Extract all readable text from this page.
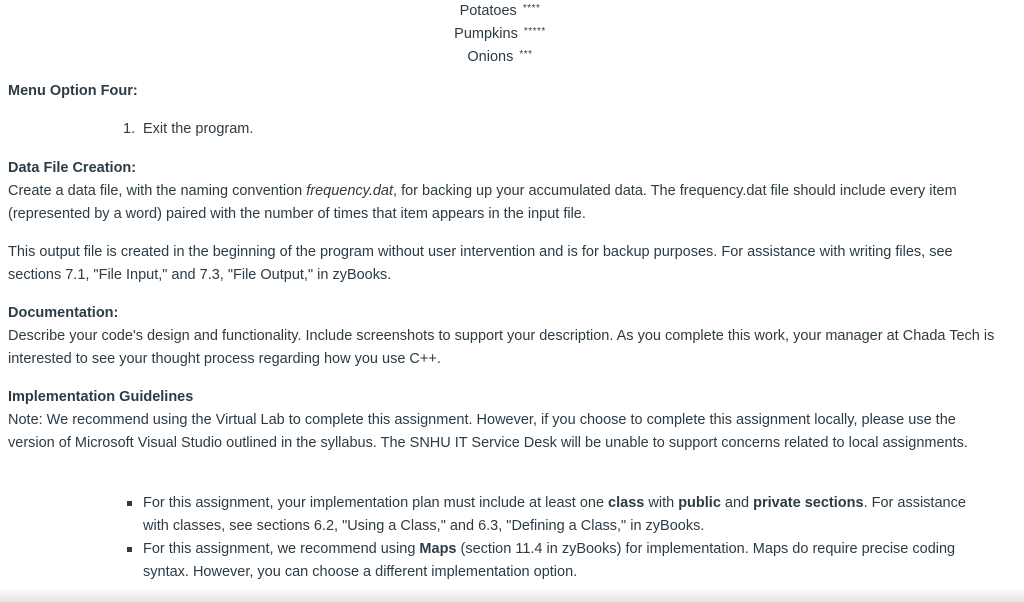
Potatoes ****
Pumpkins *****
Onions ***
Menu Option Four:
1. Exit the program.
Data File Creation:
Create a data file, with the naming convention frequency.dat, for backing up your accumulated data. The frequency.dat file should include every item (represented by a word) paired with the number of times that item appears in the input file.
This output file is created in the beginning of the program without user intervention and is for backup purposes. For assistance with writing files, see sections 7.1, "File Input," and 7.3, "File Output," in zyBooks.
Documentation:
Describe your code's design and functionality. Include screenshots to support your description. As you complete this work, your manager at Chada Tech is interested to see your thought process regarding how you use C++.
Implementation Guidelines
Note: We recommend using the Virtual Lab to complete this assignment. However, if you choose to complete this assignment locally, please use the version of Microsoft Visual Studio outlined in the syllabus. The SNHU IT Service Desk will be unable to support concerns related to local assignments.
For this assignment, your implementation plan must include at least one class with public and private sections. For assistance with classes, see sections 6.2, "Using a Class," and 6.3, "Defining a Class," in zyBooks.
For this assignment, we recommend using Maps (section 11.4 in zyBooks) for implementation. Maps do require precise coding syntax. However, you can choose a different implementation option.
